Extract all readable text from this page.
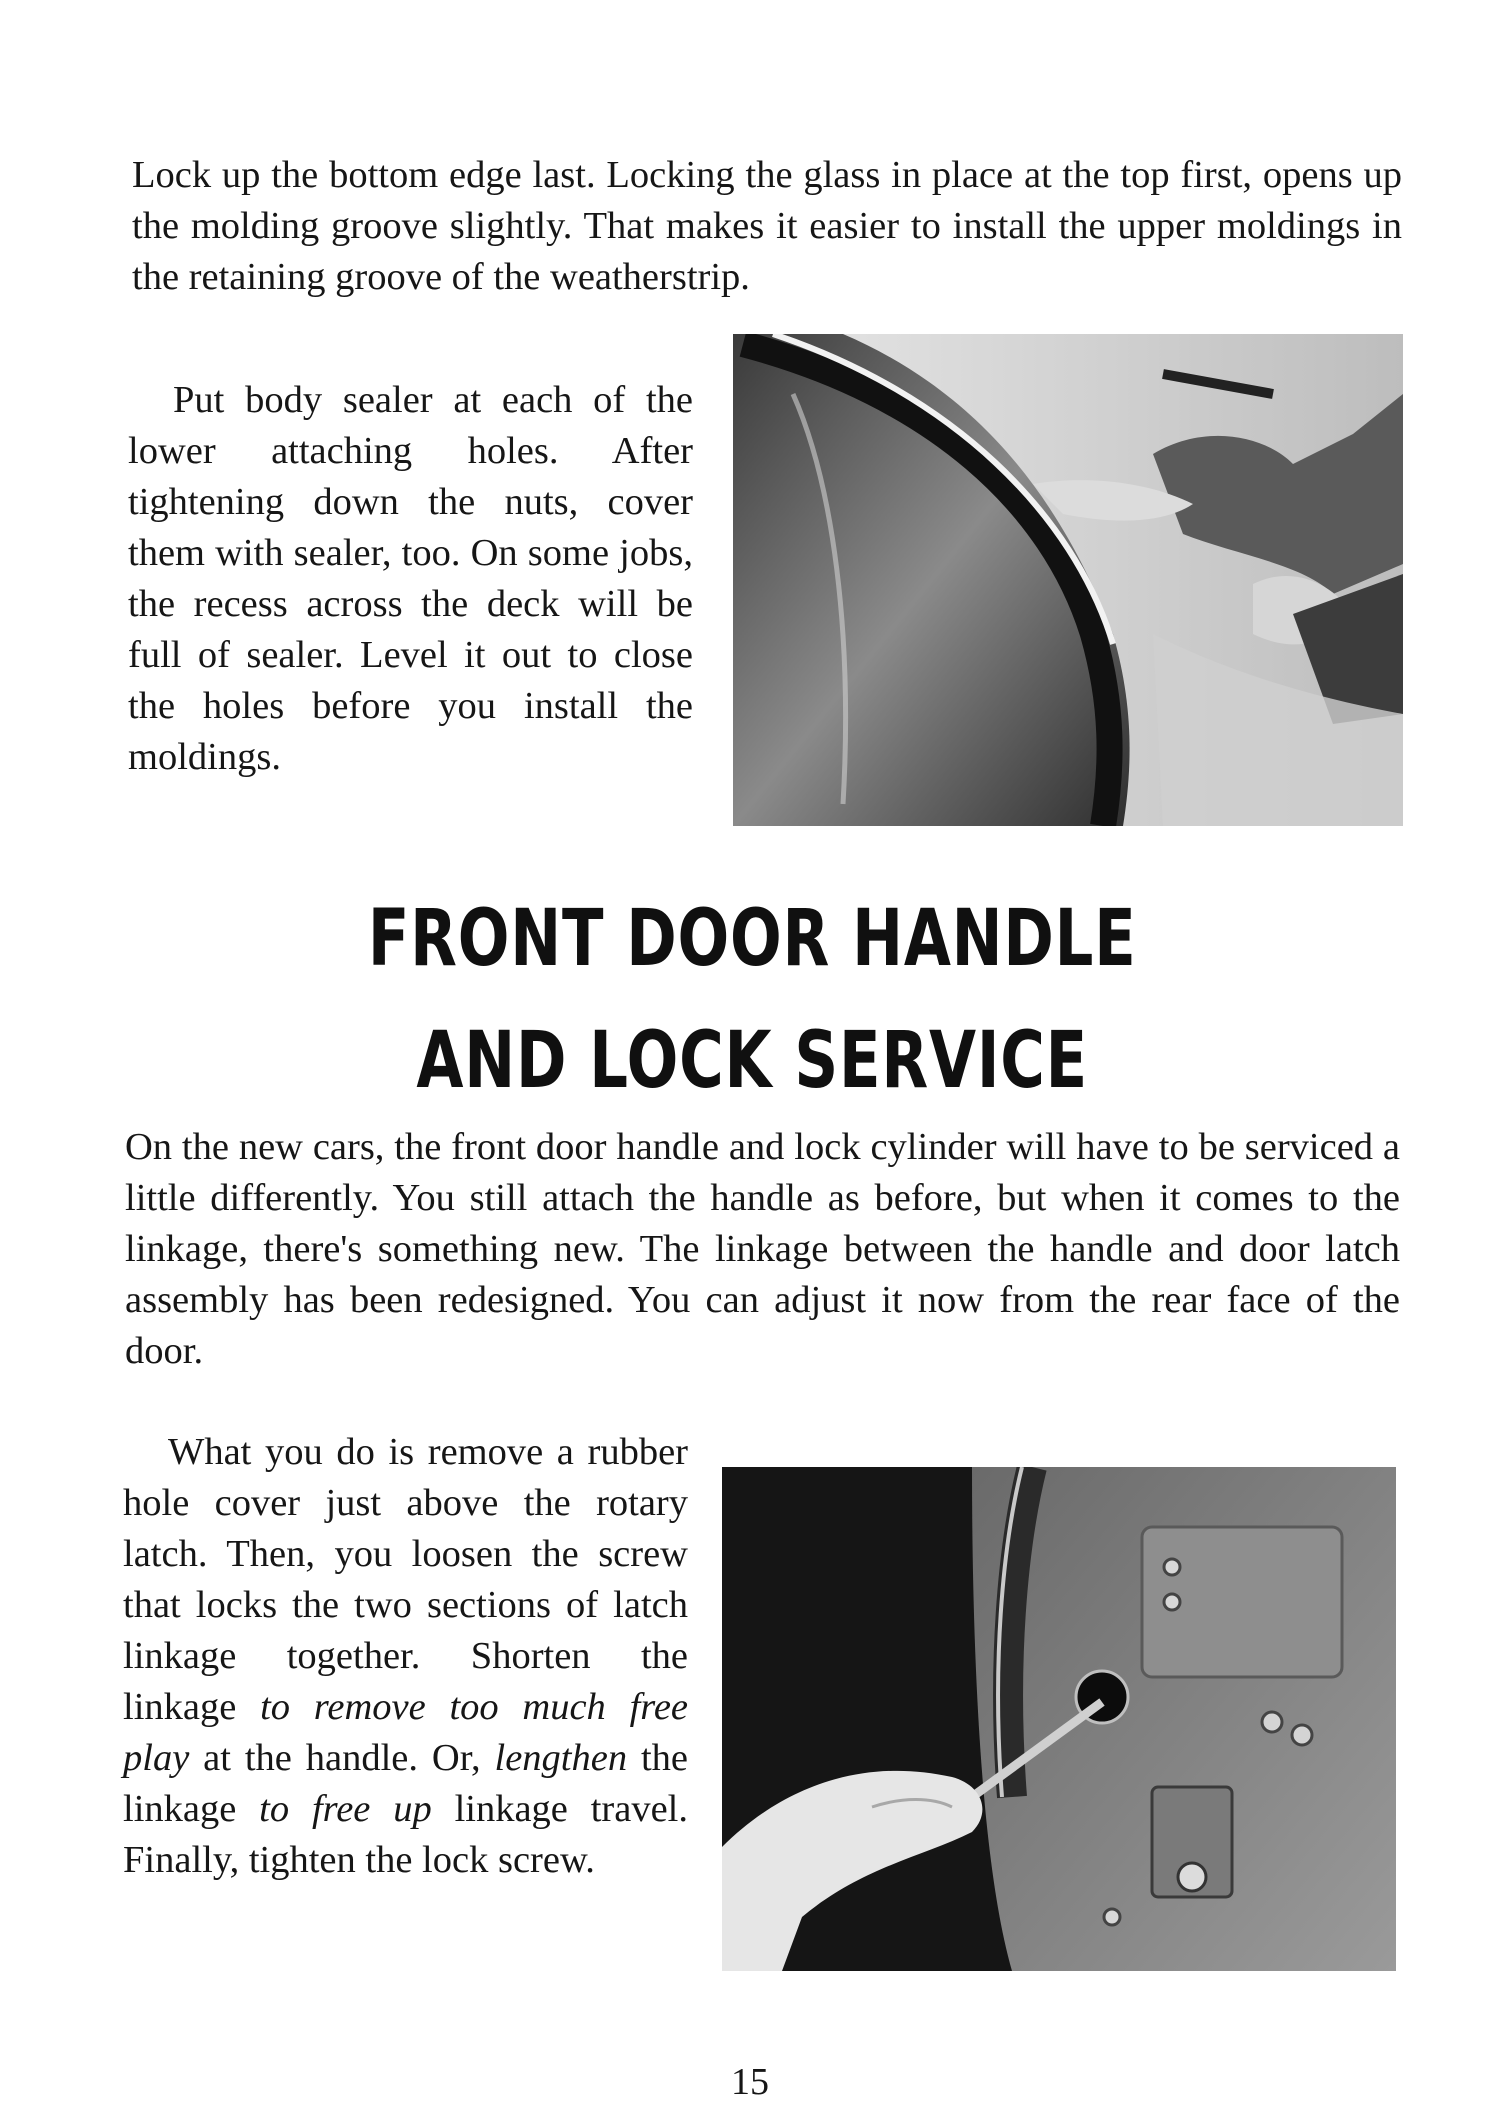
Lock up the bottom edge last. Locking the glass in place at the top first, opens up the molding groove slightly. That makes it easier to install the upper moldings in the retaining groove of the weatherstrip.

Put body sealer at each of the lower attaching holes. After tightening down the nuts, cover them with sealer, too. On some jobs, the recess across the deck will be full of sealer. Level it out to close the holes before you install the moldings.

FRONT DOOR HANDLE
AND LOCK SERVICE

On the new cars, the front door handle and lock cylinder will have to be serviced a little differently. You still attach the handle as before, but when it comes to the linkage, there's something new. The linkage between the handle and door latch assembly has been redesigned. You can adjust it now from the rear face of the door.

What you do is remove a rubber hole cover just above the rotary latch. Then, you loosen the screw that locks the two sections of latch linkage together. Shorten the linkage to remove too much free play at the handle. Or, lengthen the linkage to free up linkage travel. Finally, tighten the lock screw.

15
